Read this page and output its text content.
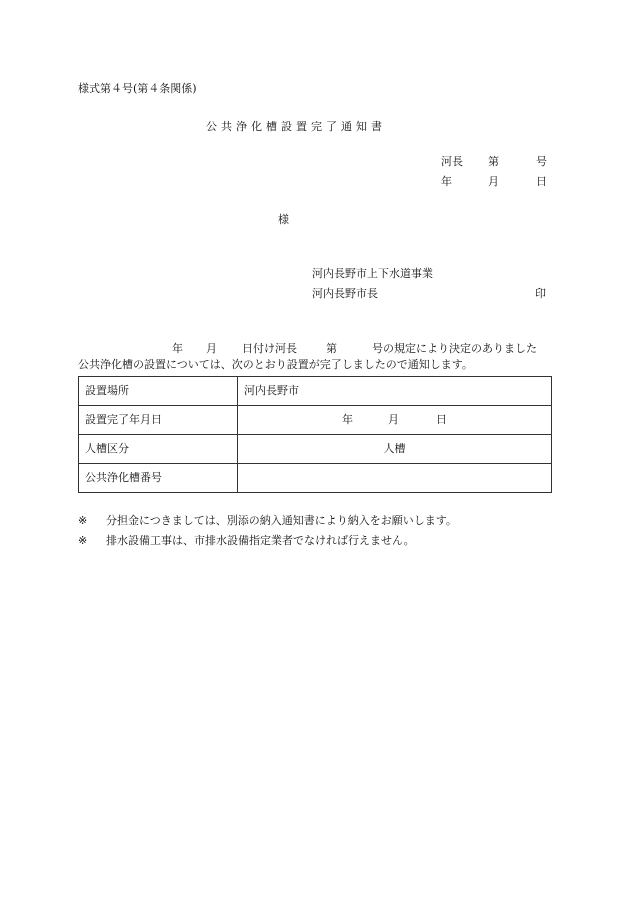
様式第４号(第４条関係)
公共浄化槽設置完了通知書
河長 第	号
年	月	日
様
河内長野市上下水道事業
河内長野市長	印
年 月 日付け河長	第	号の規定により決定のありました
公共浄化槽の設置については、次のとおり設置が完了しましたので通知します。
設置場所	河内長野市
設置完了年月日	年 月 日

人槽区分	人槽
公共浄化槽番号	
※ 分担金につきましては、別添の納入通知書により納入をお願いします。
※ 排水設備工事は、市排水設備指定業者でなければ行えません。
